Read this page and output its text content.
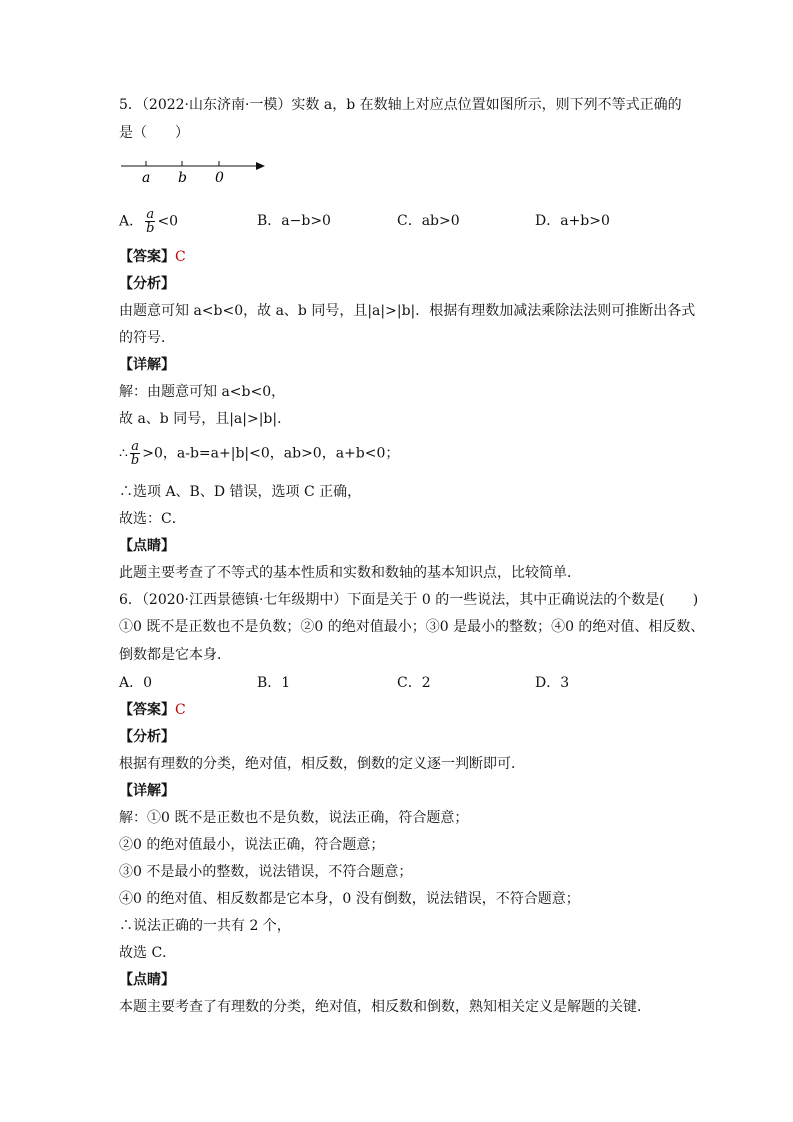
5．（2022·山东济南·一模）实数 a，b 在数轴上对应点位置如图所示，则下列不等式正确的
是（　　）
a b 0
A． $\frac{a}{b} <0$	B．a−b>0	C．ab>0	D．a+b>0
【答案】C
【分析】
由题意可知 a<b<0，故 a、b 同号，且|a|>|b|．根据有理数加减法乘除法法则可推断出各式
的符号．
【详解】
解：由题意可知 a<b<0，
故 a、b 同号，且|a|>|b|．
∴ $\frac{a}{b} >0$，a-b=a+|b|<0，ab>0，a+b<0；
∴选项 A、B、D 错误，选项 C 正确，
故选：C．
【点睛】
此题主要考查了不等式的基本性质和实数和数轴的基本知识点，比较简单．
6．（2020·江西景德镇·七年级期中）下面是关于 0 的一些说法，其中正确说法的个数是(　　)
①0 既不是正数也不是负数；②0 的绝对值最小；③0 是最小的整数；④0 的绝对值、相反数、
倒数都是它本身．
A．0	B．1	C．2	D．3
【答案】C
【分析】
根据有理数的分类，绝对值，相反数，倒数的定义逐一判断即可．
【详解】
解：①0 既不是正数也不是负数，说法正确，符合题意；
②0 的绝对值最小，说法正确，符合题意；
③0 不是最小的整数，说法错误，不符合题意；
④0 的绝对值、相反数都是它本身，0 没有倒数，说法错误，不符合题意；
∴说法正确的一共有 2 个，
故选 C．
【点睛】
本题主要考查了有理数的分类，绝对值，相反数和倒数，熟知相关定义是解题的关键．
